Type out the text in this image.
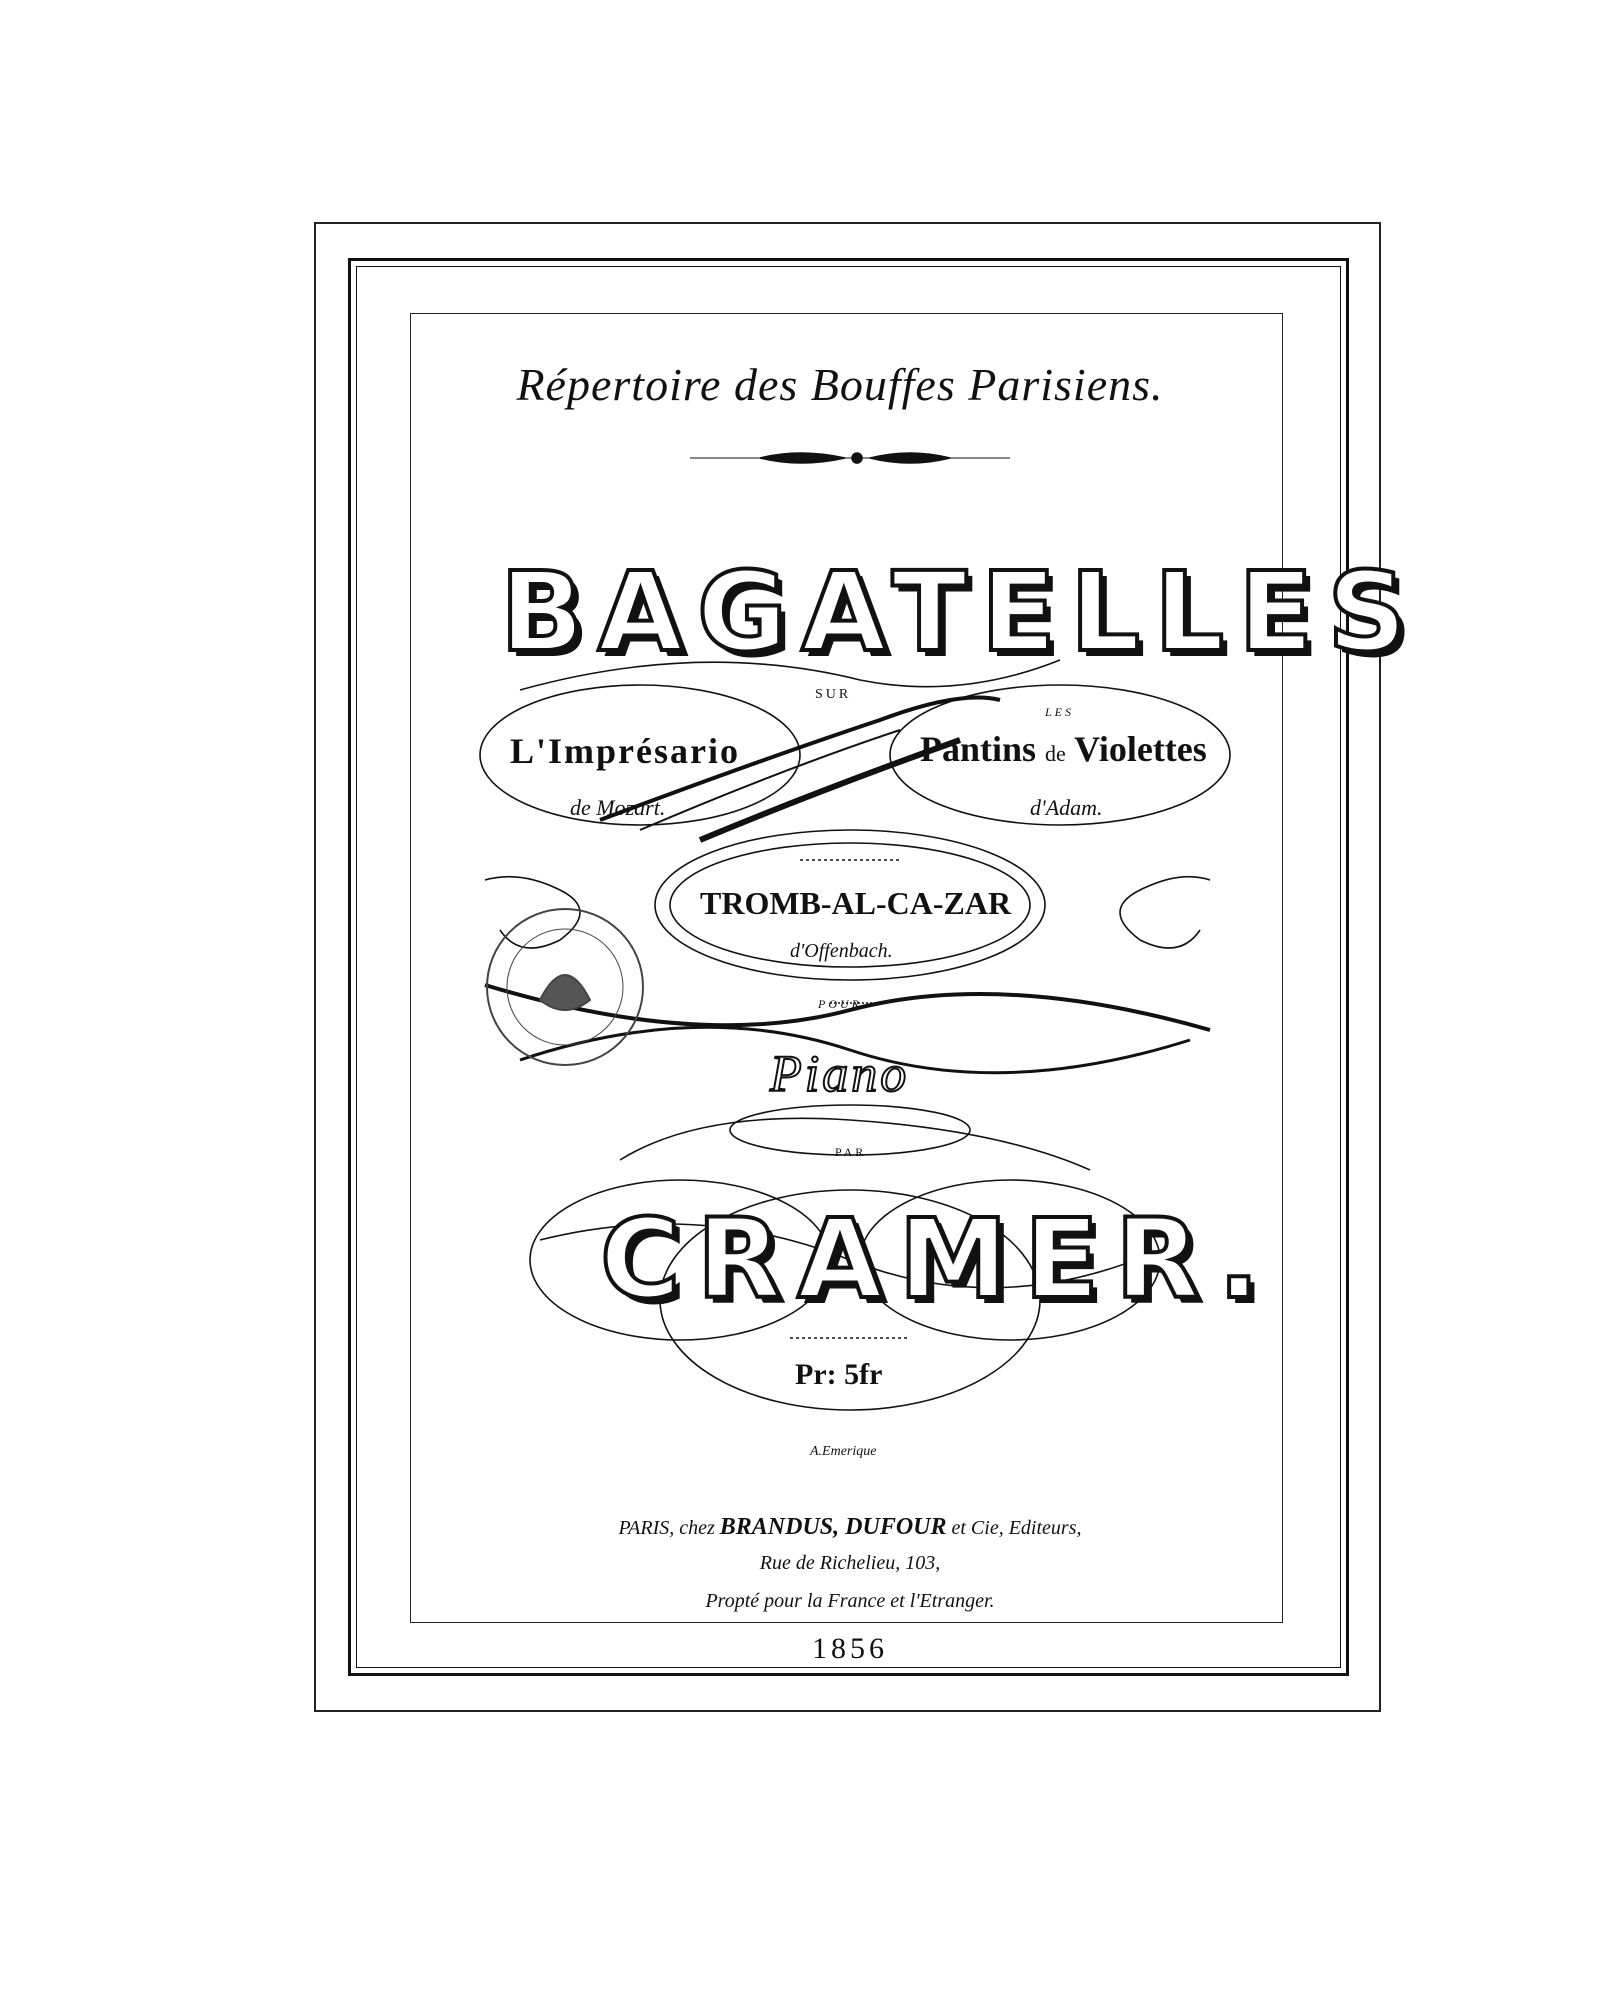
Répertoire des Bouffes Parisiens.
BAGATELLES
SUR
L'Imprésario
de Mozart.
LES
Pantins de Violettes
d'Adam.
TROMB-AL-CA-ZAR
d'Offenbach.
POUR
Piano
PAR
CRAMER.
Pr: 5fr
A.Emerique
PARIS, chez BRANDUS, DUFOUR et Cie, Editeurs,
Rue de Richelieu, 103,
Propté pour la France et l'Etranger.
1856
